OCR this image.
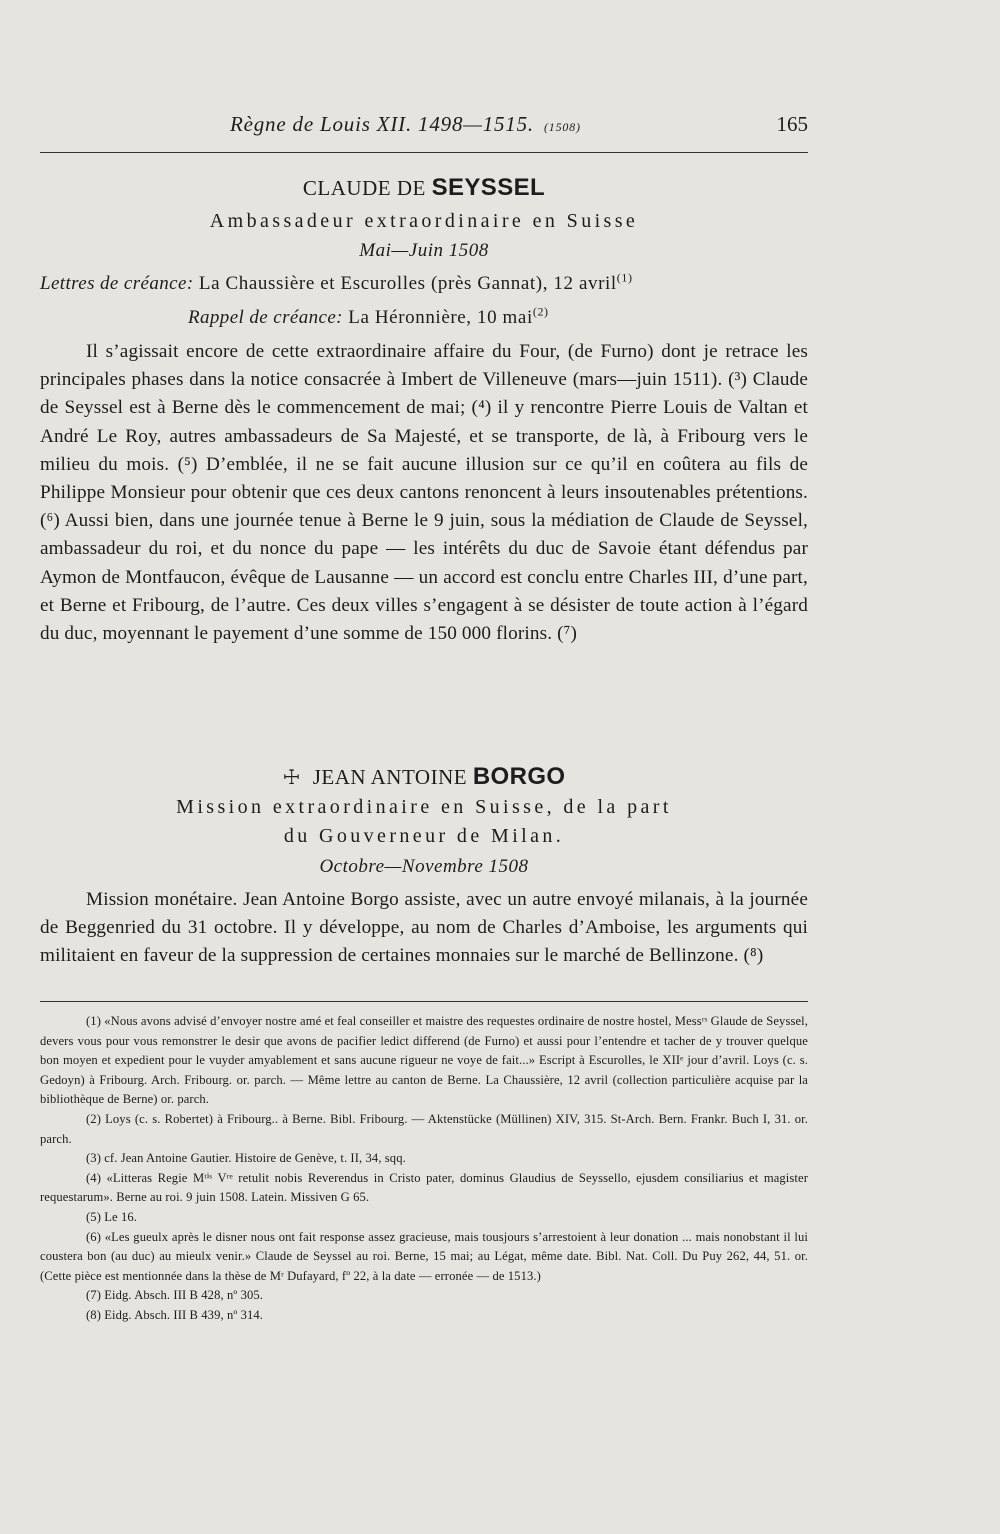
Règne de Louis XII. 1498—1515. (1508)	165
CLAUDE DE SEYSSEL
Ambassadeur extraordinaire en Suisse
Mai—Juin 1508
Lettres de créance: La Chaussière et Escurolles (près Gannat), 12 avril$^{(1)}$
Rappel de créance: La Héronnière, 10 mai$^{(2)}$

Il s’agissait encore de cette extraordinaire affaire du Four, (de Furno) dont je retrace les principales phases dans la notice consacrée à Imbert de Villeneuve (mars—juin 1511). (³) Claude de Seyssel est à Berne dès le commencement de mai; (⁴) il y rencontre Pierre Louis de Valtan et André Le Roy, autres ambassadeurs de Sa Majesté, et se transporte, de là, à Fribourg vers le milieu du mois. (⁵) D’emblée, il ne se fait aucune illusion sur ce qu’il en coûtera au fils de Philippe Monsieur pour obtenir que ces deux cantons renoncent à leurs insoutenables prétentions. (⁶) Aussi bien, dans une journée tenue à Berne le 9 juin, sous la médiation de Claude de Seyssel, ambassadeur du roi, et du nonce du pape — les intérêts du duc de Savoie étant défendus par Aymon de Montfaucon, évêque de Lausanne — un accord est conclu entre Charles III, d’une part, et Berne et Fribourg, de l’autre. Ces deux villes s’engagent à se désister de toute action à l’égard du duc, moyennant le payement d’une somme de 150 000 florins. (⁷)

☩ JEAN ANTOINE BORGO
Mission extraordinaire en Suisse, de la part
du Gouverneur de Milan.
Octobre—Novembre 1508

Mission monétaire. Jean Antoine Borgo assiste, avec un autre envoyé milanais, à la journée de Beggenried du 31 octobre. Il y développe, au nom de Charles d’Amboise, les arguments qui militaient en faveur de la suppression de certaines monnaies sur le marché de Bellinzone. (⁸)

(1) «Nous avons advisé d’envoyer nostre amé et feal conseiller et maistre des requestes ordinaire de nostre hostel, Messʳˢ Glaude de Seyssel, devers vous pour vous remonstrer le desir que avons de pacifier ledict differend (de Furno) et aussi pour l’entendre et tacher de y trouver quelque bon moyen et expedient pour le vuyder amyablement et sans aucune rigueur ne voye de fait...» Escript à Escurolles, le XIIᵉ jour d’avril. Loys (c. s. Gedoyn) à Fribourg. Arch. Fribourg. or. parch. — Même lettre au canton de Berne. La Chaussière, 12 avril (collection particulière acquise par la bibliothèque de Berne) or. parch.

(2) Loys (c. s. Robertet) à Fribourg.. à Berne. Bibl. Fribourg. — Aktenstücke (Müllinen) XIV, 315. St-Arch. Bern. Frankr. Buch I, 31. or. parch.

(3) cf. Jean Antoine Gautier. Histoire de Genève, t. II, 34, sqq.

(4) «Litteras Regie Mᵗⁱˢ Vʳᵉ retulit nobis Reverendus in Cristo pater, dominus Glaudius de Seyssello, ejusdem consiliarius et magister requestarum». Berne au roi. 9 juin 1508. Latein. Missiven G 65.

(5) Le 16.

(6) «Les gueulx après le disner nous ont fait response assez gracieuse, mais tousjours s’arrestoient à leur donation ... mais nonobstant il lui coustera bon (au duc) au mieulx venir.» Claude de Seyssel au roi. Berne, 15 mai; au Légat, même date. Bibl. Nat. Coll. Du Puy 262, 44, 51. or. (Cette pièce est mentionnée dans la thèse de Mʳ Dufayard, fº 22, à la date — erronée — de 1513.)

(7) Eidg. Absch. III B 428, nº 305.

(8) Eidg. Absch. III B 439, nº 314.
